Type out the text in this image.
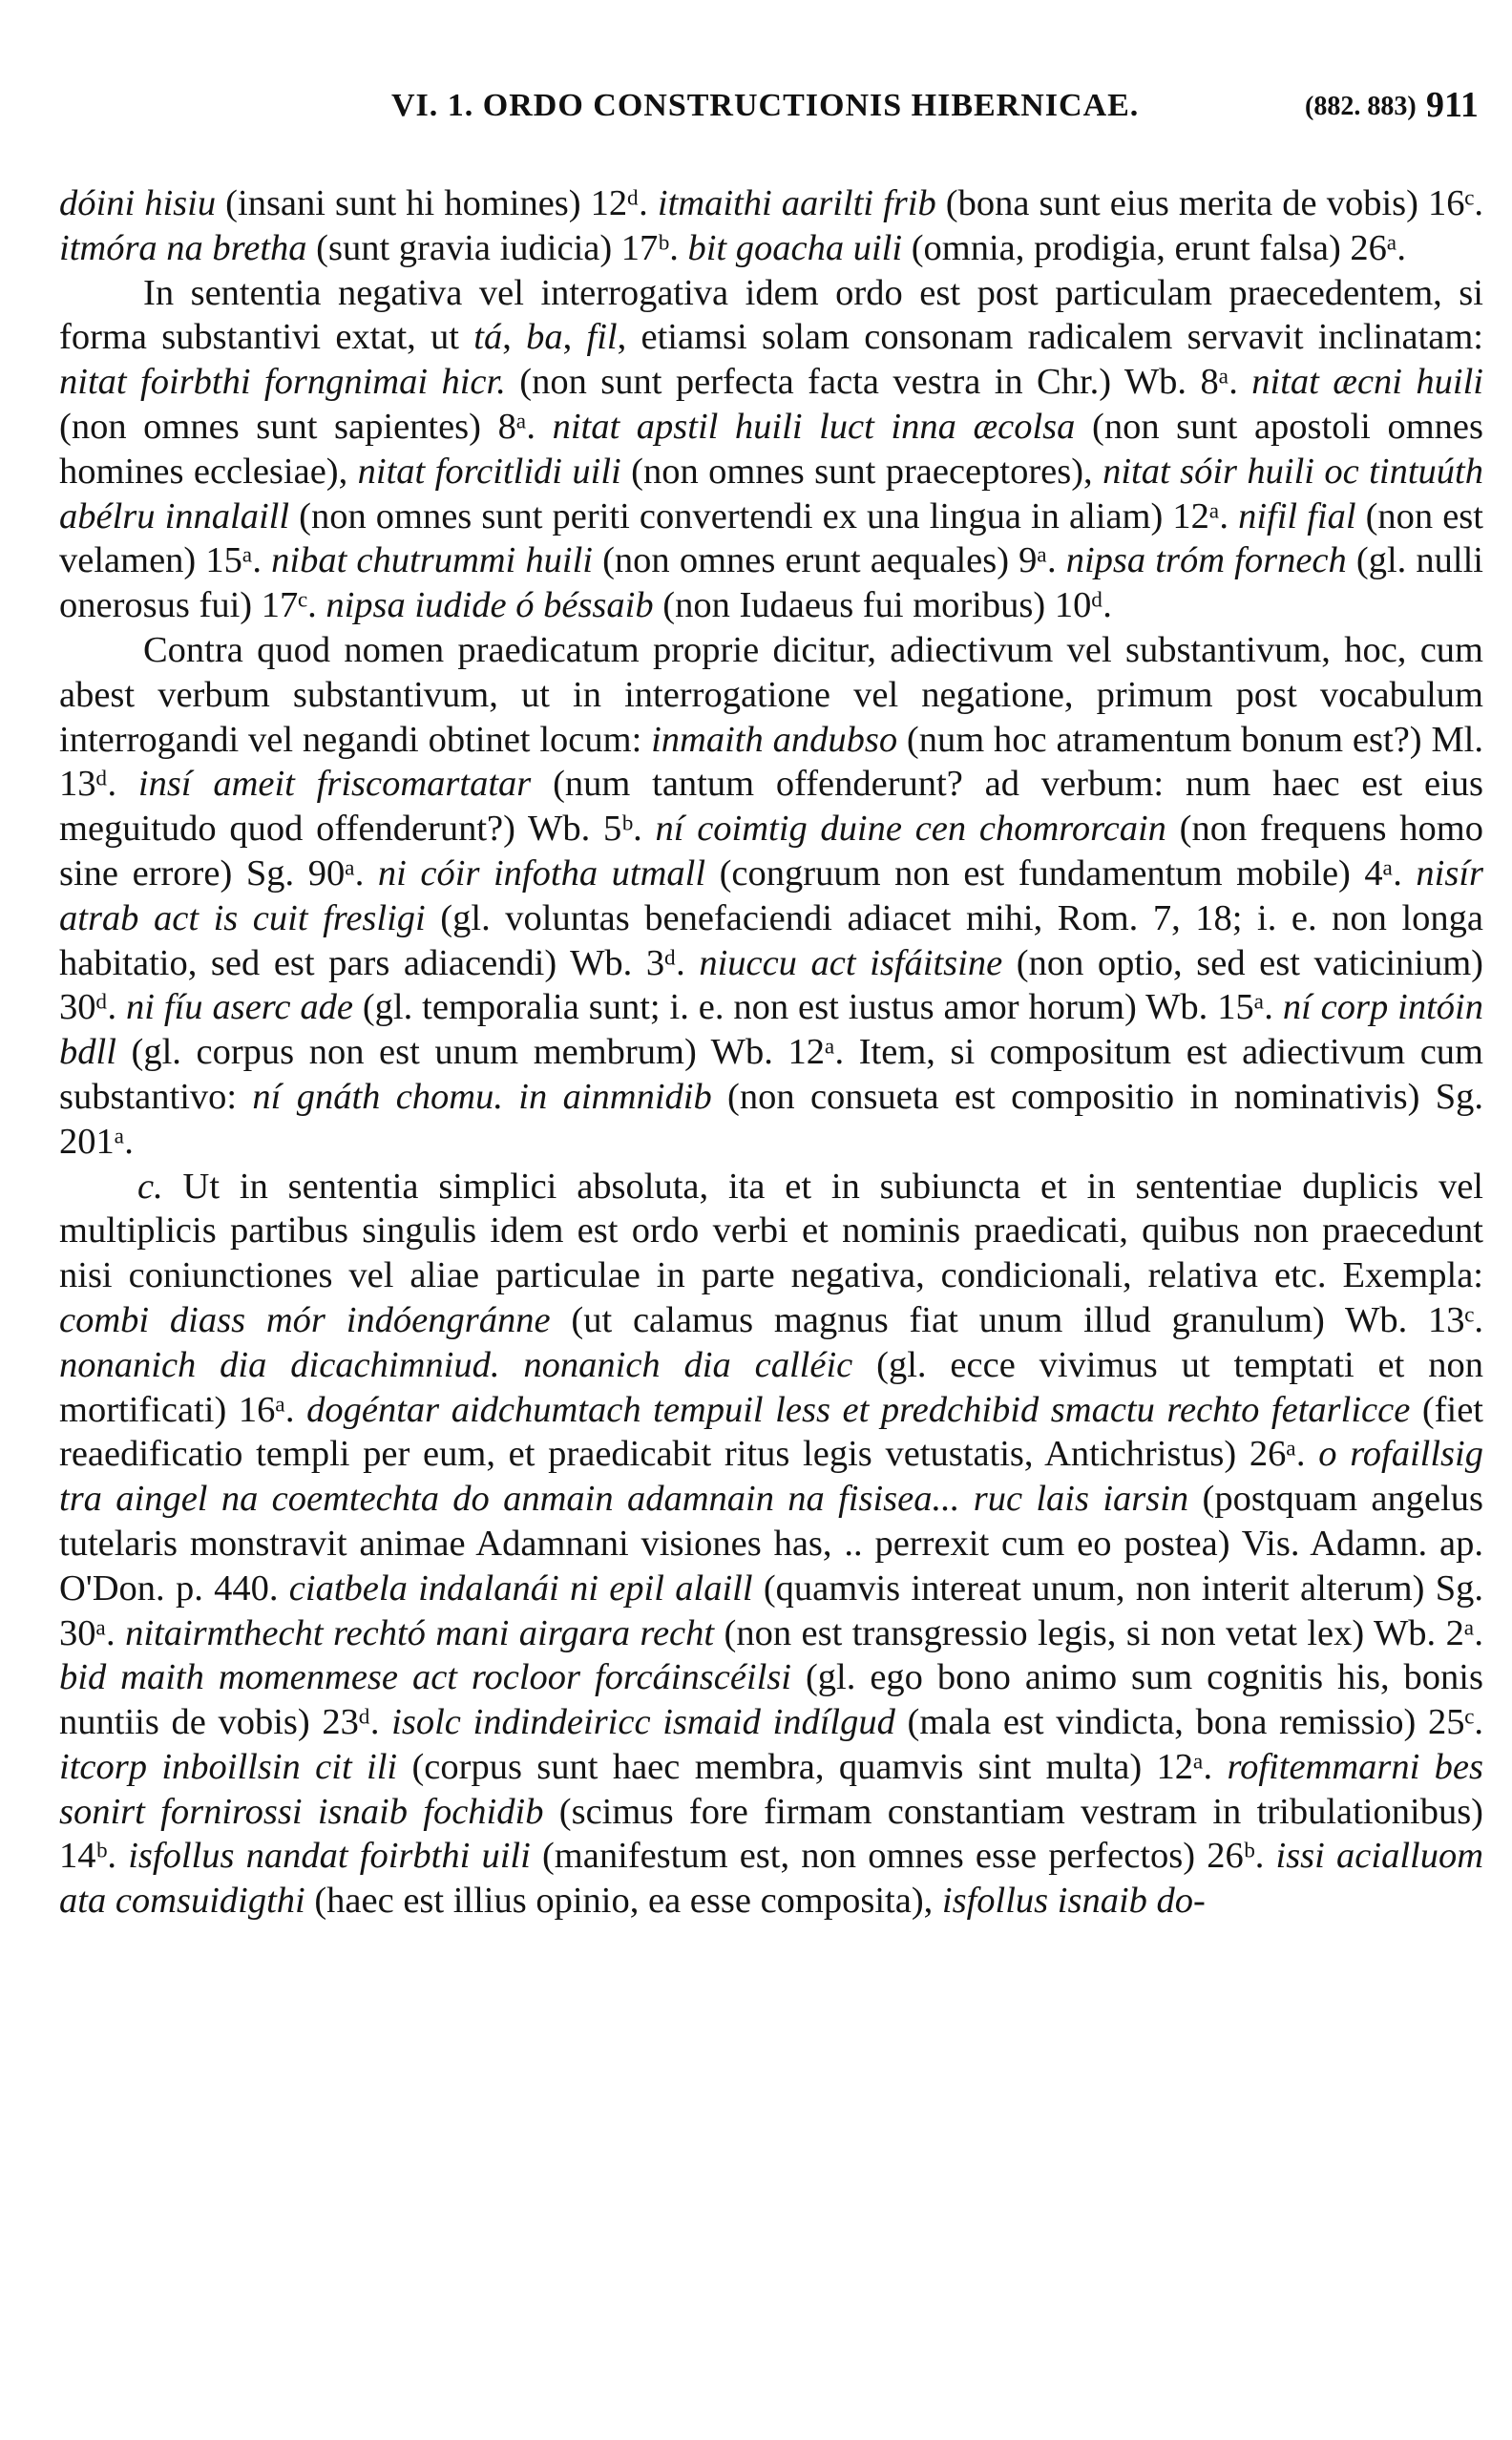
VI. 1. ORDO CONSTRUCTIONIS HIBERNICAE.	(882. 883) 911

dóini hisiu (insani sunt hi homines) 12ᵈ. itmaithi aarilti frib (bona sunt eius merita de vobis) 16ᶜ. itmóra na bretha (sunt gravia iudicia) 17ᵇ. bit goacha uili (omnia, prodigia, erunt falsa) 26ᵃ.

In sententia negativa vel interrogativa idem ordo est post particulam praecedentem, si forma substantivi extat, ut tá, ba, fil, etiamsi solam consonam radicalem servavit inclinatam: nitat foirbthi forngnimai hicr. (non sunt perfecta facta vestra in Chr.) Wb. 8ᵃ. nitat æcni huili (non omnes sunt sapientes) 8ᵃ. nitat apstil huili luct inna æcolsa (non sunt apostoli omnes homines ecclesiae), nitat forcitlidi uili (non omnes sunt praeceptores), nitat sóir huili oc tintuúth abélru innalaill (non omnes sunt periti convertendi ex una lingua in aliam) 12ᵃ. nifil fial (non est velamen) 15ᵃ. nibat chutrummi huili (non omnes erunt aequales) 9ᵃ. nipsa tróm fornech (gl. nulli onerosus fui) 17ᶜ. nipsa iudide ó béssaib (non Iudaeus fui moribus) 10ᵈ.

Contra quod nomen praedicatum proprie dicitur, adiectivum vel substantivum, hoc, cum abest verbum substantivum, ut in interrogatione vel negatione, primum post vocabulum interrogandi vel negandi obtinet locum: inmaith andubso (num hoc atramentum bonum est?) Ml. 13ᵈ. insí ameit friscomartatar (num tantum offenderunt? ad verbum: num haec est eius meguitudo quod offenderunt?) Wb. 5ᵇ. ní coimtig duine cen chomrorcain (non frequens homo sine errore) Sg. 90ᵃ. ni cóir infotha utmall (congruum non est fundamentum mobile) 4ᵃ. nisír atrab act is cuit fresligi (gl. voluntas benefaciendi adiacet mihi, Rom. 7, 18; i. e. non longa habitatio, sed est pars adiacendi) Wb. 3ᵈ. niuccu act isfáitsine (non optio, sed est vaticinium) 30ᵈ. ni fíu aserc ade (gl. temporalia sunt; i. e. non est iustus amor horum) Wb. 15ᵃ. ní corp intóin bdll (gl. corpus non est unum membrum) Wb. 12ᵃ. Item, si compositum est adiectivum cum substantivo: ní gnáth chomu. in ainmnidib (non consueta est compositio in nominativis) Sg. 201ᵃ.

c. Ut in sententia simplici absoluta, ita et in subiuncta et in sententiae duplicis vel multiplicis partibus singulis idem est ordo verbi et nominis praedicati, quibus non praecedunt nisi coniunctiones vel aliae particulae in parte negativa, condicionali, relativa etc. Exempla: combi diass mór indóengránne (ut calamus magnus fiat unum illud granulum) Wb. 13ᶜ. nonanich dia dicachimniud. nonanich dia calléic (gl. ecce vivimus ut temptati et non mortificati) 16ᵃ. dogéntar aidchumtach tempuil less et predchibid smactu rechto fetarlicce (fiet reaedificatio templi per eum, et praedicabit ritus legis vetustatis, Antichristus) 26ᵃ. o rofaillsig tra aingel na coemtechta do anmain adamnain na fisisea... ruc lais iarsin (postquam angelus tutelaris monstravit animae Adamnani visiones has, .. perrexit cum eo postea) Vis. Adamn. ap. O'Don. p. 440. ciatbela indalanái ni epil alaill (quamvis intereat unum, non interit alterum) Sg. 30ᵃ. nitairmthecht rechtó mani airgara recht (non est transgressio legis, si non vetat lex) Wb. 2ᵃ. bid maith momenmese act rocloor forcáinscéilsi (gl. ego bono animo sum cognitis his, bonis nuntiis de vobis) 23ᵈ. isolc indindeiricc ismaid indílgud (mala est vindicta, bona remissio) 25ᶜ. itcorp inboillsin cit ili (corpus sunt haec membra, quamvis sint multa) 12ᵃ. rofitemmarni bes sonirt fornirossi isnaib fochidib (scimus fore firmam constantiam vestram in tribulationibus) 14ᵇ. isfollus nandat foirbthi uili (manifestum est, non omnes esse perfectos) 26ᵇ. issi acialluom ata comsuidigthi (haec est illius opinio, ea esse composita), isfollus isnaib do-
